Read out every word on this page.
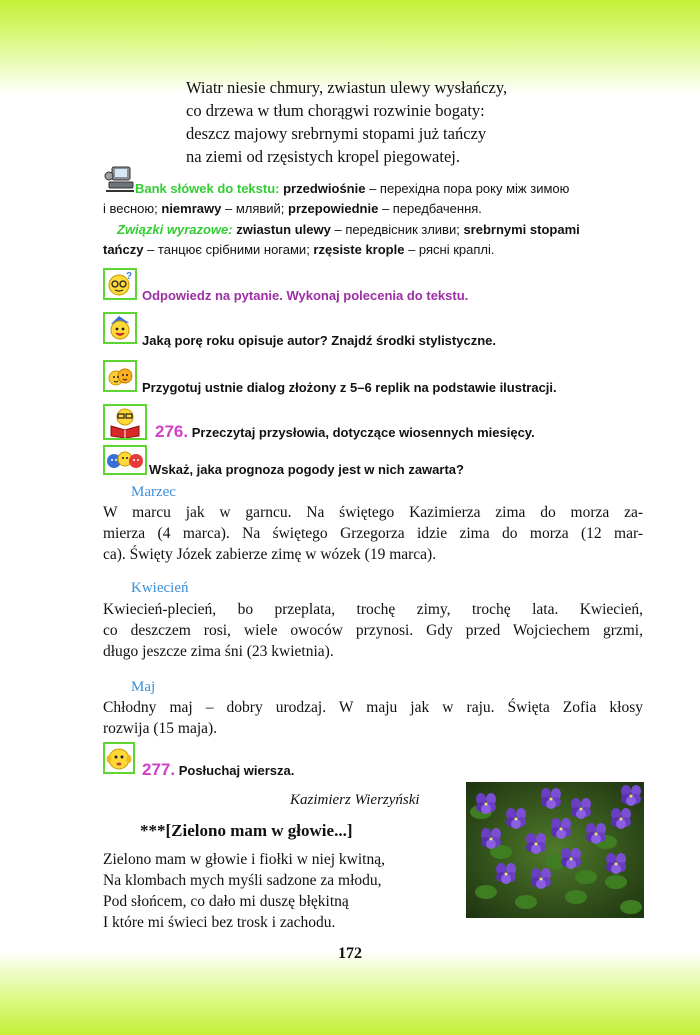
Wiatr niesie chmury, zwiastun ulewy wysłańczy,
co drzewa w tłum chorągwi rozwinie bogaty:
deszcz majowy srebrnymi stopami już tańczy
na ziemi od rzęsistych kropel piegowatej.
Bank słówek do tekstu: przedwiośnie – перехідна пора року між зимою
і весною; niemrawy – млявий; przepowiednie – передбачення.
Związki wyrazowe: zwiastun ulewy – передвісник зливи; srebrnymi stopami
tańczy – танцює срібними ногами; rzęsiste krople – рясні краплі.
?
Odpowiedz na pytanie. Wykonaj polecenia do tekstu.
Jaką porę roku opisuje autor? Znajdź środki stylistyczne.
Przygotuj ustnie dialog złożony z 5–6 replik na podstawie ilustracji.
276. Przeczytaj przysłowia, dotyczące wiosennych miesięcy.
Wskaż, jaka prognoza pogody jest w nich zawarta?
Marzec
W marcu jak w garncu. Na świętego Kazimierza zima do morza za-
mierza (4 marca). Na świętego Grzegorza idzie zima do morza (12 mar-
ca). Święty Józek zabierze zimę w wózek (19 marca).
Kwiecień
Kwiecień-plecień, bo przeplata, trochę zimy, trochę lata. Kwiecień,
co deszczem rosi, wiele owoców przynosi. Gdy przed Wojciechem grzmi,
długo jeszcze zima śni (23 kwietnia).
Maj
Chłodny maj – dobry urodzaj. W maju jak w raju. Święta Zofia kłosy
rozwija (15 maja).
277. Posłuchaj wiersza.
Kazimierz Wierzyński
***[Zielono mam w głowie...]
Zielono mam w głowie i fiołki w niej kwitną,
Na klombach mych myśli sadzone za młodu,
Pod słońcem, co dało mi duszę błękitną
I które mi świeci bez trosk i zachodu.
172
